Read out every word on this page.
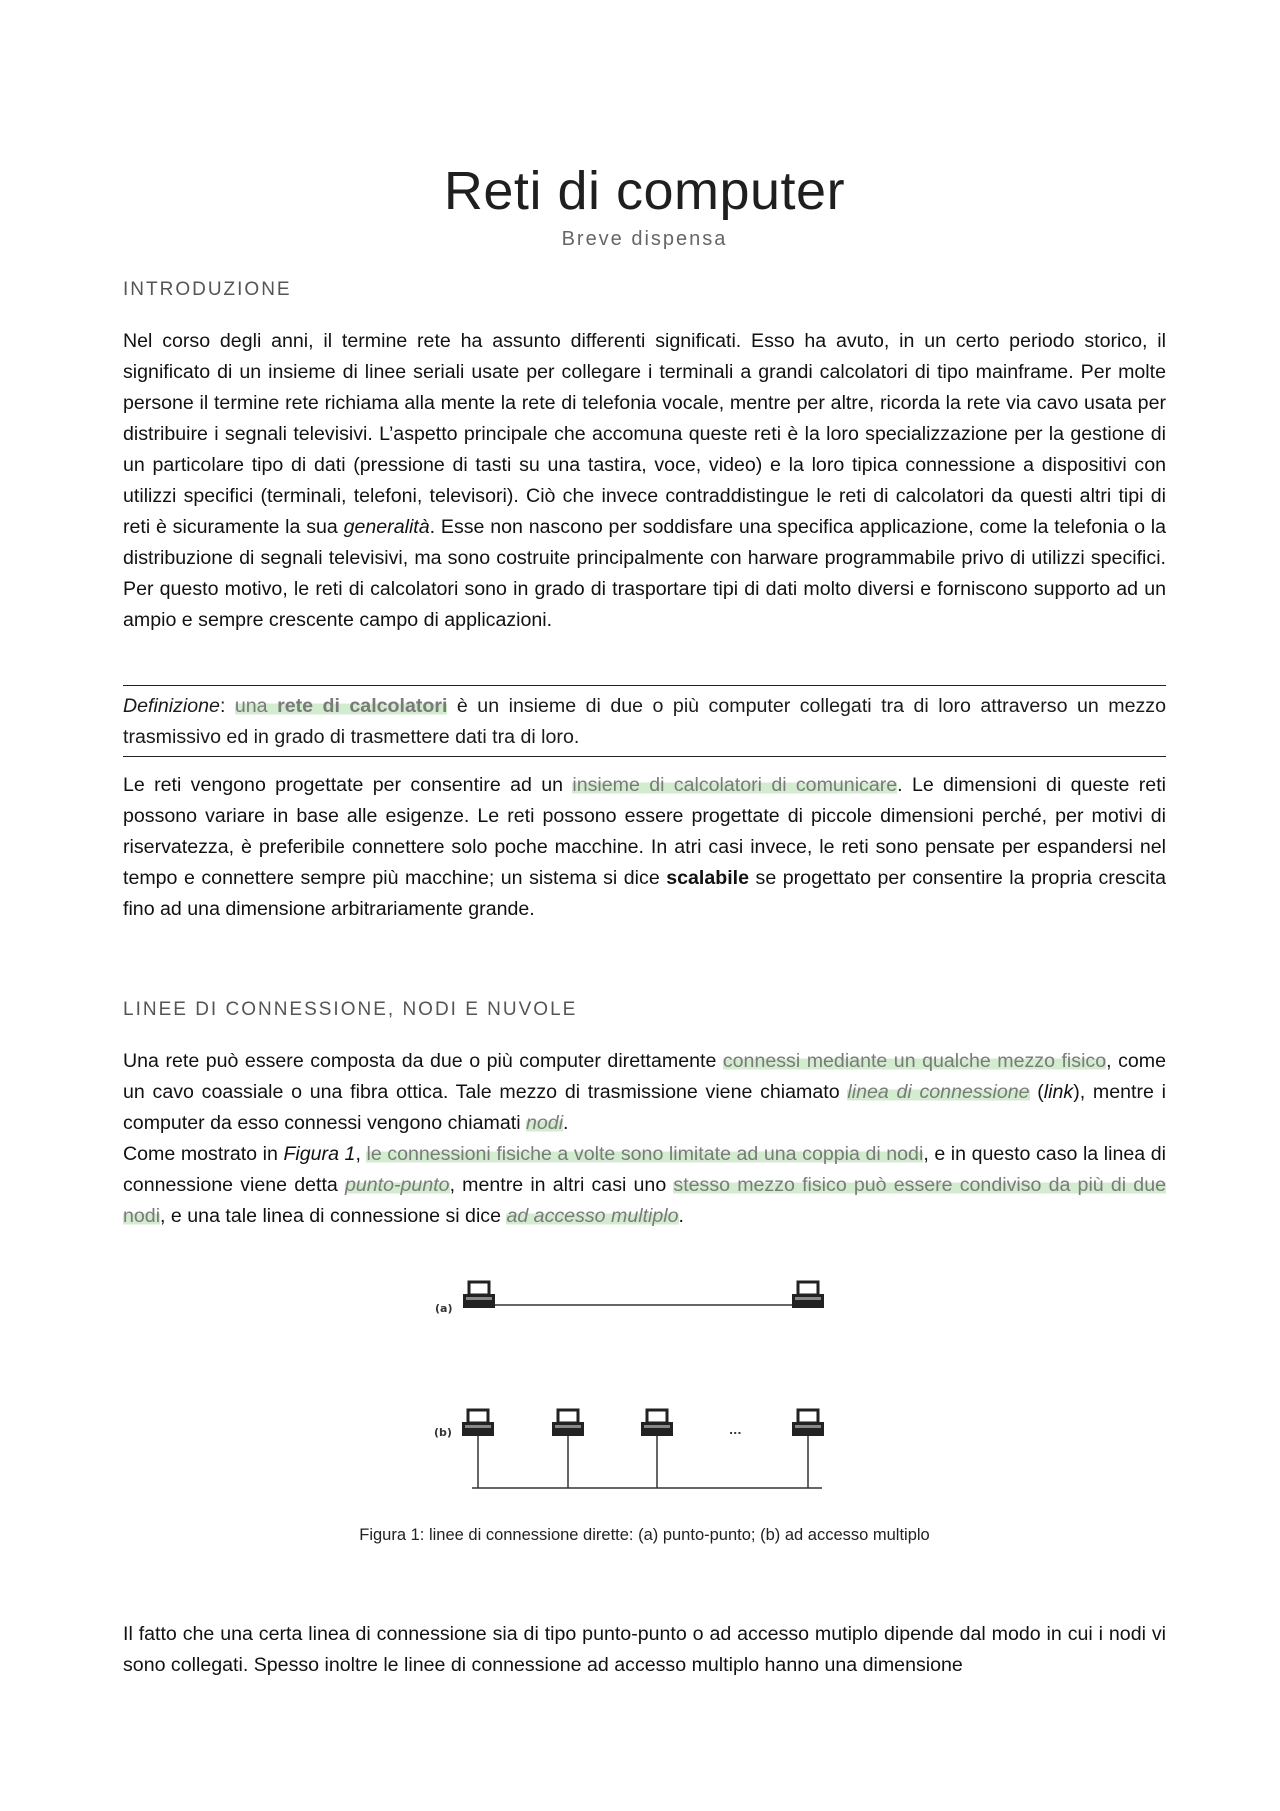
Reti di computer
Breve dispensa
INTRODUZIONE
Nel corso degli anni, il termine rete ha assunto differenti significati. Esso ha avuto, in un certo periodo storico, il significato di un insieme di linee seriali usate per collegare i terminali a grandi calcolatori di tipo mainframe. Per molte persone il termine rete richiama alla mente la rete di telefonia vocale, mentre per altre, ricorda la rete via cavo usata per distribuire i segnali televisivi. L’aspetto principale che accomuna queste reti è la loro specializzazione per la gestione di un particolare tipo di dati (pressione di tasti su una tastira, voce, video) e la loro tipica connessione a dispositivi con utilizzi specifici (terminali, telefoni, televisori). Ciò che invece contraddistingue le reti di calcolatori da questi altri tipi di reti è sicuramente la sua generalità. Esse non nascono per soddisfare una specifica applicazione, come la telefonia o la distribuzione di segnali televisivi, ma sono costruite principalmente con harware programmabile privo di utilizzi specifici. Per questo motivo, le reti di calcolatori sono in grado di trasportare tipi di dati molto diversi e forniscono supporto ad un ampio e sempre crescente campo di applicazioni.
Definizione: una rete di calcolatori è un insieme di due o più computer collegati tra di loro attraverso un mezzo trasmissivo ed in grado di trasmettere dati tra di loro.
Le reti vengono progettate per consentire ad un insieme di calcolatori di comunicare. Le dimensioni di queste reti possono variare in base alle esigenze. Le reti possono essere progettate di piccole dimensioni perché, per motivi di riservatezza, è preferibile connettere solo poche macchine. In atri casi invece, le reti sono pensate per espandersi nel tempo e connettere sempre più macchine; un sistema si dice scalabile se progettato per consentire la propria crescita fino ad una dimensione arbitrariamente grande.
LINEE DI CONNESSIONE, NODI E NUVOLE
Una rete può essere composta da due o più computer direttamente connessi mediante un qualche mezzo fisico, come un cavo coassiale o una fibra ottica. Tale mezzo di trasmissione viene chiamato linea di connessione (link), mentre i computer da esso connessi vengono chiamati nodi.
Come mostrato in Figura 1, le connessioni fisiche a volte sono limitate ad una coppia di nodi, e in questo caso la linea di connessione viene detta punto-punto, mentre in altri casi uno stesso mezzo fisico può essere condiviso da più di due nodi, e una tale linea di connessione si dice ad accesso multiplo.
(a)
(b)	...
Figura 1: linee di connessione dirette: (a) punto-punto; (b) ad accesso multiplo
Il fatto che una certa linea di connessione sia di tipo punto-punto o ad accesso mutiplo dipende dal modo in cui i nodi vi sono collegati. Spesso inoltre le linee di connessione ad accesso multiplo hanno una dimensione
